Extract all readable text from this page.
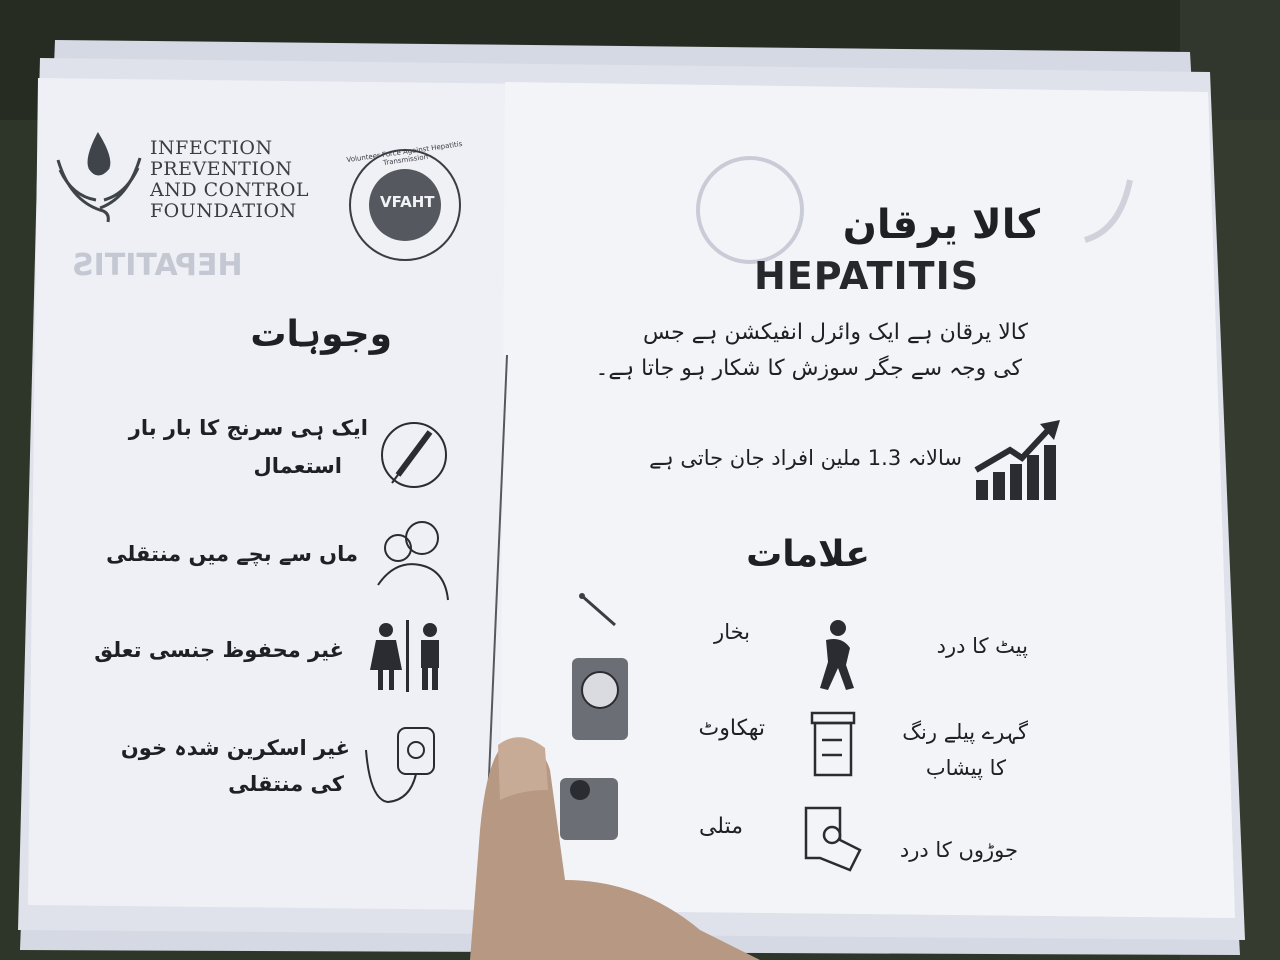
INFECTION
PREVENTION
AND CONTROL
FOUNDATION	VFAHT
Volunteer Force Against Hepatitis Transmission
HEPATITIS
کالا یرقان
HEPATITIS
کالا یرقان ہے ایک وائرل انفیکشن ہے جس
کی وجہ سے جگر سوزش کا شکار ہو جاتا ہے۔
سالانہ 1.3 ملین افراد جان جاتی ہے
وجوہات
ایک ہی سرنج کا بار بار
استعمال
ماں سے بچے میں منتقلی
غیر محفوظ جنسی تعلق
غیر اسکرین شدہ خون
کی منتقلی
علامات
پیٹ کا درد
بخار
گہرے پیلے رنگ
کا پیشاب
تھکاوٹ
جوڑوں کا درد
متلی
